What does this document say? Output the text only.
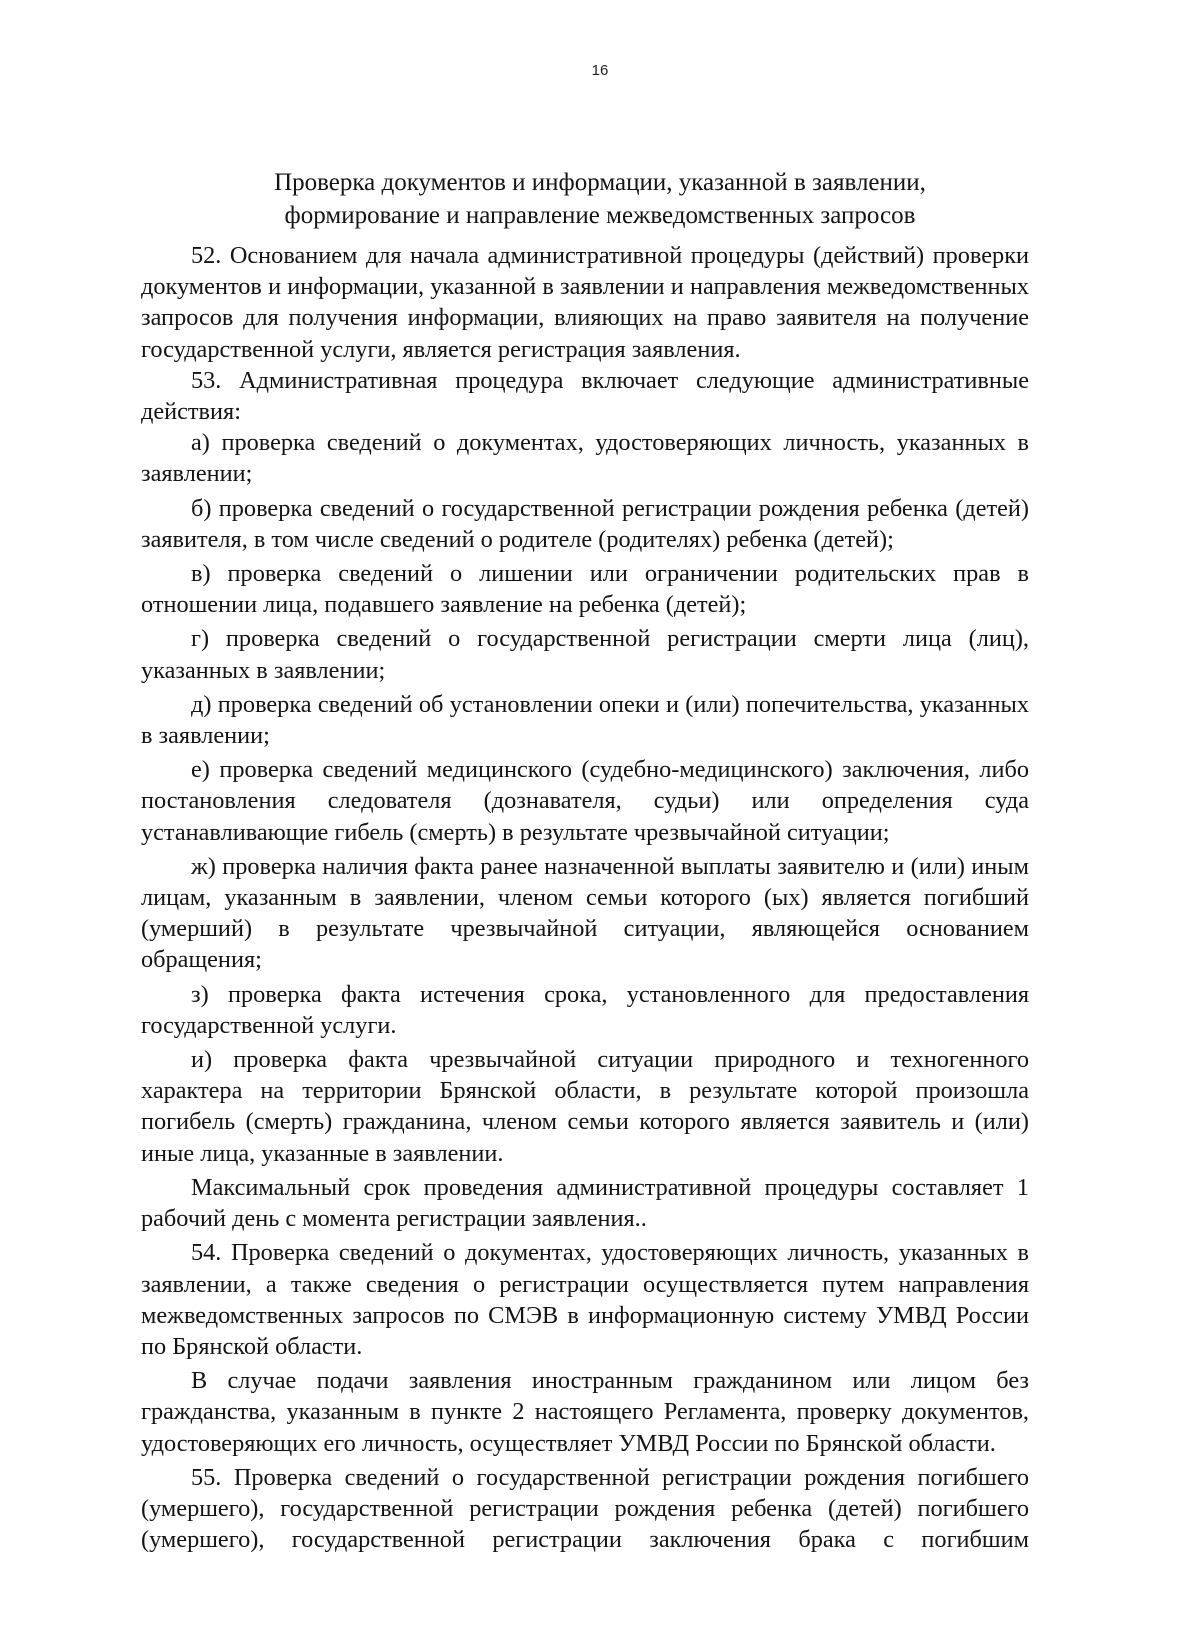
16
Проверка документов и информации, указанной в заявлении,
формирование и направление межведомственных запросов

52. Основанием для начала административной процедуры (действий) проверки документов и информации, указанной в заявлении и направления межведомственных запросов для получения информации, влияющих на право заявителя на получение государственной услуги, является регистрация заявления.

53. Административная процедура включает следующие административные действия:

а) проверка сведений о документах, удостоверяющих личность, указанных в заявлении;

б) проверка сведений о государственной регистрации рождения ребенка (детей) заявителя, в том числе сведений о родителе (родителях) ребенка (детей);

в) проверка сведений о лишении или ограничении родительских прав в отношении лица, подавшего заявление на ребенка (детей);

г) проверка сведений о государственной регистрации смерти лица (лиц), указанных в заявлении;

д) проверка сведений об установлении опеки и (или) попечительства, указанных в заявлении;

е) проверка сведений медицинского (судебно-медицинского) заключения, либо постановления следователя (дознавателя, судьи) или определения суда устанавливающие гибель (смерть) в результате чрезвычайной ситуации;

ж) проверка наличия факта ранее назначенной выплаты заявителю и (или) иным лицам, указанным в заявлении, членом семьи которого (ых) является погибший (умерший) в результате чрезвычайной ситуации, являющейся основанием обращения;

з) проверка факта истечения срока, установленного для предоставления государственной услуги.

и) проверка факта чрезвычайной ситуации природного и техногенного характера на территории Брянской области, в результате которой произошла погибель (смерть) гражданина, членом семьи которого является заявитель и (или) иные лица, указанные в заявлении.

Максимальный срок проведения административной процедуры составляет 1 рабочий день с момента регистрации заявления..

54. Проверка сведений о документах, удостоверяющих личность, указанных в заявлении, а также сведения о регистрации осуществляется путем направления межведомственных запросов по СМЭВ в информационную систему УМВД России по Брянской области.

В случае подачи заявления иностранным гражданином или лицом без гражданства, указанным в пункте 2 настоящего Регламента, проверку документов, удостоверяющих его личность, осуществляет УМВД России по Брянской области.

55. Проверка сведений о государственной регистрации рождения погибшего (умершего), государственной регистрации рождения ребенка (детей) погибшего (умершего), государственной регистрации заключения брака с погибшим
